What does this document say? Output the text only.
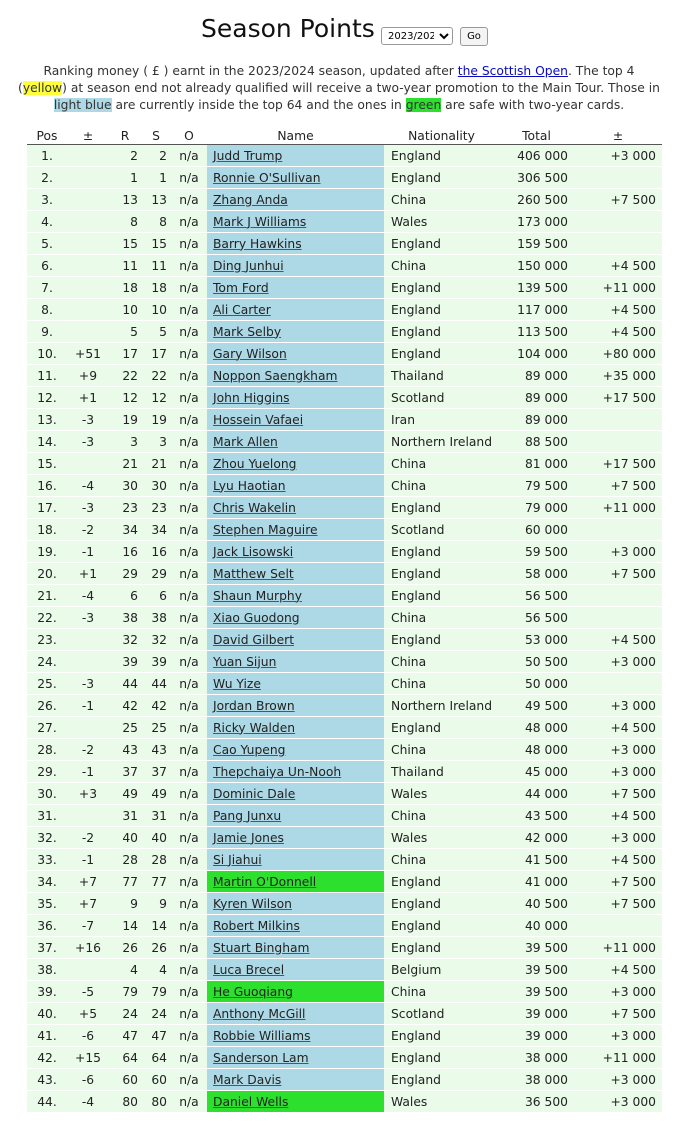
Season Points
2023/2024	Go
Ranking money ( £ ) earnt in the 2023/2024 season, updated after the Scottish Open. The top 4 (yellow) at season end not already qualified will receive a two-year promotion to the Main Tour. Those in light blue are currently inside the top 64 and the ones in green are safe with two-year cards.
Pos	±	R	S	O	Name	Nationality	Total	±
1.		2	2	n/a	Judd Trump	England	406 000	+3 000
2.		1	1	n/a	Ronnie O'Sullivan	England	306 500	
3.		13	13	n/a	Zhang Anda	China	260 500	+7 500
4.		8	8	n/a	Mark J Williams	Wales	173 000	
5.		15	15	n/a	Barry Hawkins	England	159 500	
6.		11	11	n/a	Ding Junhui	China	150 000	+4 500
7.		18	18	n/a	Tom Ford	England	139 500	+11 000
8.		10	10	n/a	Ali Carter	England	117 000	+4 500
9.		5	5	n/a	Mark Selby	England	113 500	+4 500
10.	+51	17	17	n/a	Gary Wilson	England	104 000	+80 000
11.	+9	22	22	n/a	Noppon Saengkham	Thailand	89 000	+35 000
12.	+1	12	12	n/a	John Higgins	Scotland	89 000	+17 500
13.	-3	19	19	n/a	Hossein Vafaei	Iran	89 000	
14.	-3	3	3	n/a	Mark Allen	Northern Ireland	88 500	
15.		21	21	n/a	Zhou Yuelong	China	81 000	+17 500
16.	-4	30	30	n/a	Lyu Haotian	China	79 500	+7 500
17.	-3	23	23	n/a	Chris Wakelin	England	79 000	+11 000
18.	-2	34	34	n/a	Stephen Maguire	Scotland	60 000	
19.	-1	16	16	n/a	Jack Lisowski	England	59 500	+3 000
20.	+1	29	29	n/a	Matthew Selt	England	58 000	+7 500
21.	-4	6	6	n/a	Shaun Murphy	England	56 500	
22.	-3	38	38	n/a	Xiao Guodong	China	56 500	
23.		32	32	n/a	David Gilbert	England	53 000	+4 500
24.		39	39	n/a	Yuan Sijun	China	50 500	+3 000
25.	-3	44	44	n/a	Wu Yize	China	50 000	
26.	-1	42	42	n/a	Jordan Brown	Northern Ireland	49 500	+3 000
27.		25	25	n/a	Ricky Walden	England	48 000	+4 500
28.	-2	43	43	n/a	Cao Yupeng	China	48 000	+3 000
29.	-1	37	37	n/a	Thepchaiya Un-Nooh	Thailand	45 000	+3 000
30.	+3	49	49	n/a	Dominic Dale	Wales	44 000	+7 500
31.		31	31	n/a	Pang Junxu	China	43 500	+4 500
32.	-2	40	40	n/a	Jamie Jones	Wales	42 000	+3 000
33.	-1	28	28	n/a	Si Jiahui	China	41 500	+4 500
34.	+7	77	77	n/a	Martin O'Donnell	England	41 000	+7 500
35.	+7	9	9	n/a	Kyren Wilson	England	40 500	+7 500
36.	-7	14	14	n/a	Robert Milkins	England	40 000	
37.	+16	26	26	n/a	Stuart Bingham	England	39 500	+11 000
38.		4	4	n/a	Luca Brecel	Belgium	39 500	+4 500
39.	-5	79	79	n/a	He Guoqiang	China	39 500	+3 000
40.	+5	24	24	n/a	Anthony McGill	Scotland	39 000	+7 500
41.	-6	47	47	n/a	Robbie Williams	England	39 000	+3 000
42.	+15	64	64	n/a	Sanderson Lam	England	38 000	+11 000
43.	-6	60	60	n/a	Mark Davis	England	38 000	+3 000
44.	-4	80	80	n/a	Daniel Wells	Wales	36 500	+3 000
